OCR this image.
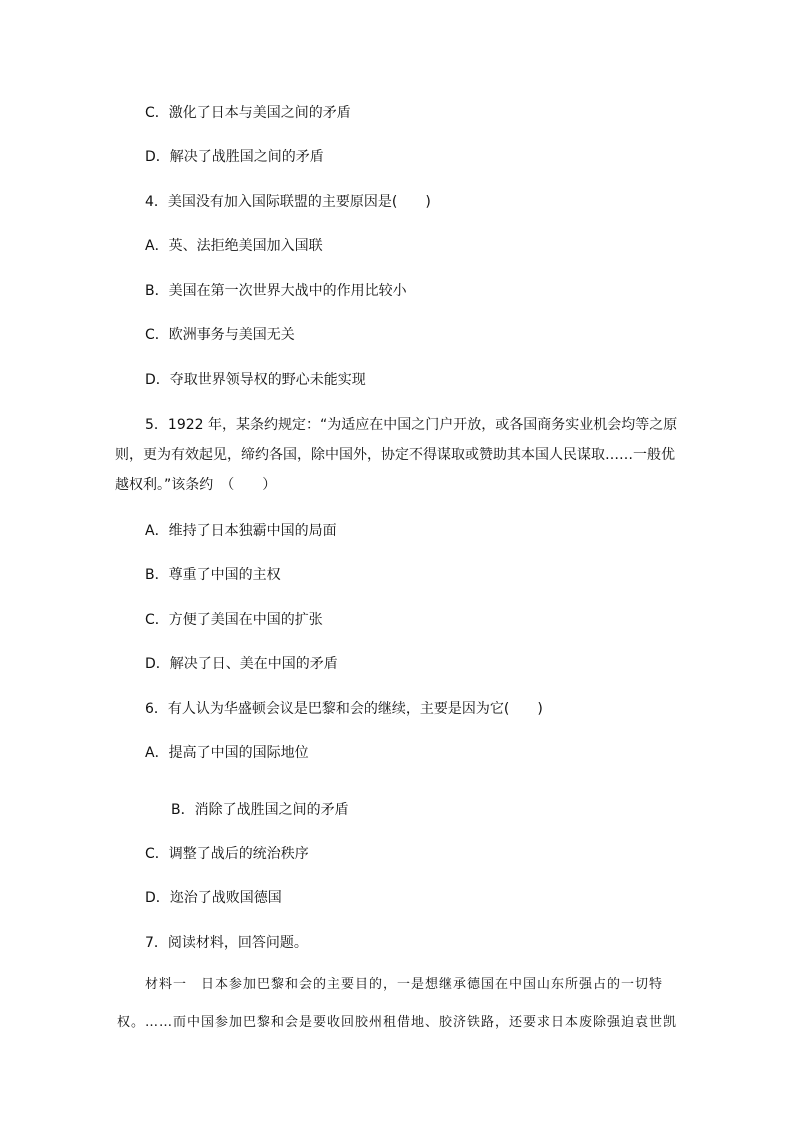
C．激化了日本与美国之间的矛盾
D．解决了战胜国之间的矛盾
4．美国没有加入国际联盟的主要原因是(　　)
A．英、法拒绝美国加入国联
B．美国在第一次世界大战中的作用比较小
C．欧洲事务与美国无关
D．夺取世界领导权的野心未能实现
5．1922 年，某条约规定：“为适应在中国之门户开放，或各国商务实业机会均等之原
则，更为有效起见，缔约各国，除中国外，协定不得谋取或赞助其本国人民谋取……一般优
越权利。”该条约　（　　）
A．维持了日本独霸中国的局面
B．尊重了中国的主权
C．方便了美国在中国的扩张
D．解决了日、美在中国的矛盾
6．有人认为华盛顿会议是巴黎和会的继续，主要是因为它(　　)
A．提高了中国的国际地位
B．消除了战胜国之间的矛盾
C．调整了战后的统治秩序
D．迩治了战败国德国
7．阅读材料，回答问题。
材料一　日本参加巴黎和会的主要目的，一是想继承德国在中国山东所强占的一切特
权。……而中国参加巴黎和会是要收回胶州租借地、胶济铁路，还要求日本废除强迫袁世凯
